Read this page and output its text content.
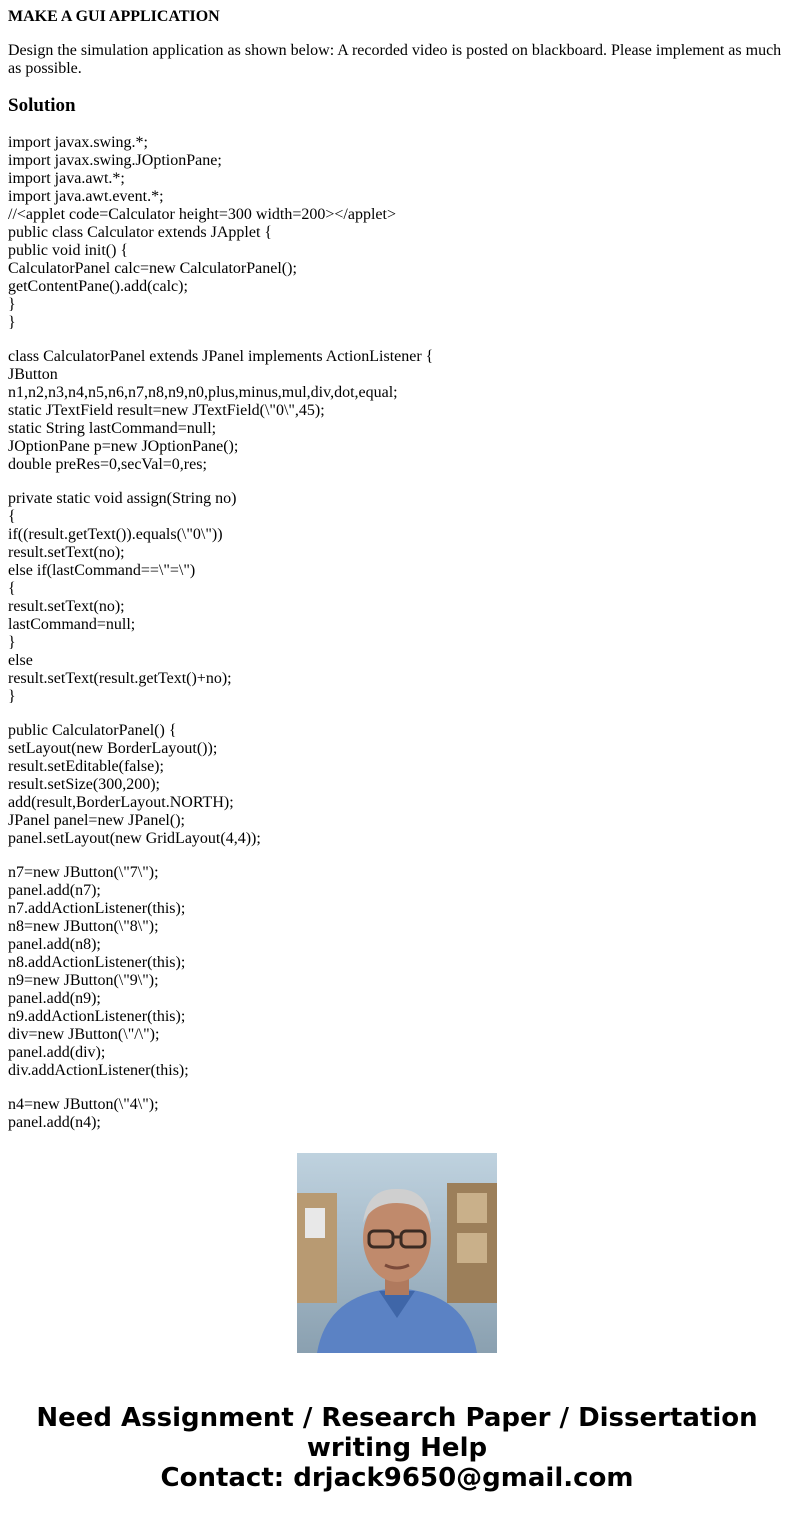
MAKE A GUI APPLICATION
Design the simulation application as shown below: A recorded video is posted on blackboard. Please implement as much as possible.
Solution
import javax.swing.*;
import javax.swing.JOptionPane;
import java.awt.*;
import java.awt.event.*;
//<applet code=Calculator height=300 width=200></applet>
public class Calculator extends JApplet {
public void init() {
CalculatorPanel calc=new CalculatorPanel();
getContentPane().add(calc);
}
}
class CalculatorPanel extends JPanel implements ActionListener {
JButton
n1,n2,n3,n4,n5,n6,n7,n8,n9,n0,plus,minus,mul,div,dot,equal;
static JTextField result=new JTextField(\"0\",45);
static String lastCommand=null;
JOptionPane p=new JOptionPane();
double preRes=0,secVal=0,res;
private static void assign(String no)
{
if((result.getText()).equals(\"0\"))
result.setText(no);
else if(lastCommand==\"=\")
{
result.setText(no);
lastCommand=null;
}
else
result.setText(result.getText()+no);
}
public CalculatorPanel() {
setLayout(new BorderLayout());
result.setEditable(false);
result.setSize(300,200);
add(result,BorderLayout.NORTH);
JPanel panel=new JPanel();
panel.setLayout(new GridLayout(4,4));
n7=new JButton(\"7\");
panel.add(n7);
n7.addActionListener(this);
n8=new JButton(\"8\");
panel.add(n8);
n8.addActionListener(this);
n9=new JButton(\"9\");
panel.add(n9);
n9.addActionListener(this);
div=new JButton(\"/\");
panel.add(div);
div.addActionListener(this);
n4=new JButton(\"4\");
panel.add(n4);
Need Assignment / Research Paper / Dissertation
writing Help
Contact: drjack9650@gmail.com
